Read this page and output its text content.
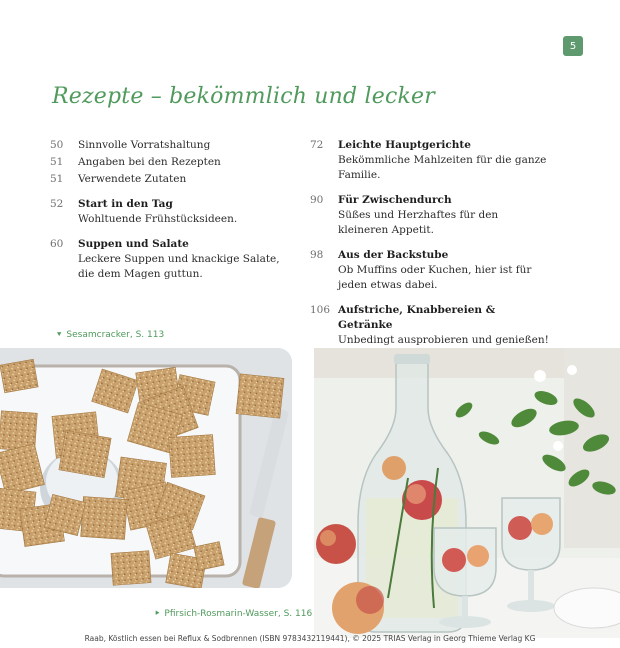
5
Rezepte – bekömmlich und lecker
50	Sinnvolle Vorratshaltung
51	Angaben bei den Rezepten
51	Verwendete Zutaten
52	Start in den Tag
Wohltuende Frühstücksideen.
60	Suppen und Salate
Leckere Suppen und knackige Salate, die dem Magen guttun.
72	Leichte Hauptgerichte
Bekömmliche Mahlzeiten für die ganze Familie.
90	Für Zwischendurch
Süßes und Herzhaftes für den kleineren Appetit.
98	Aus der Backstube
Ob Muffins oder Kuchen, hier ist für jeden etwas dabei.
106 Aufstriche, Knabbereien & Getränke
Unbedingt ausprobieren und genießen!
⯆ Sesamcracker, S. 113
⯈ Pfirsich-Rosmarin-Wasser, S. 116
Raab, Köstlich essen bei Reflux & Sodbrennen (ISBN 9783432119441), © 2025 TRIAS Verlag in Georg Thieme Verlag KG
